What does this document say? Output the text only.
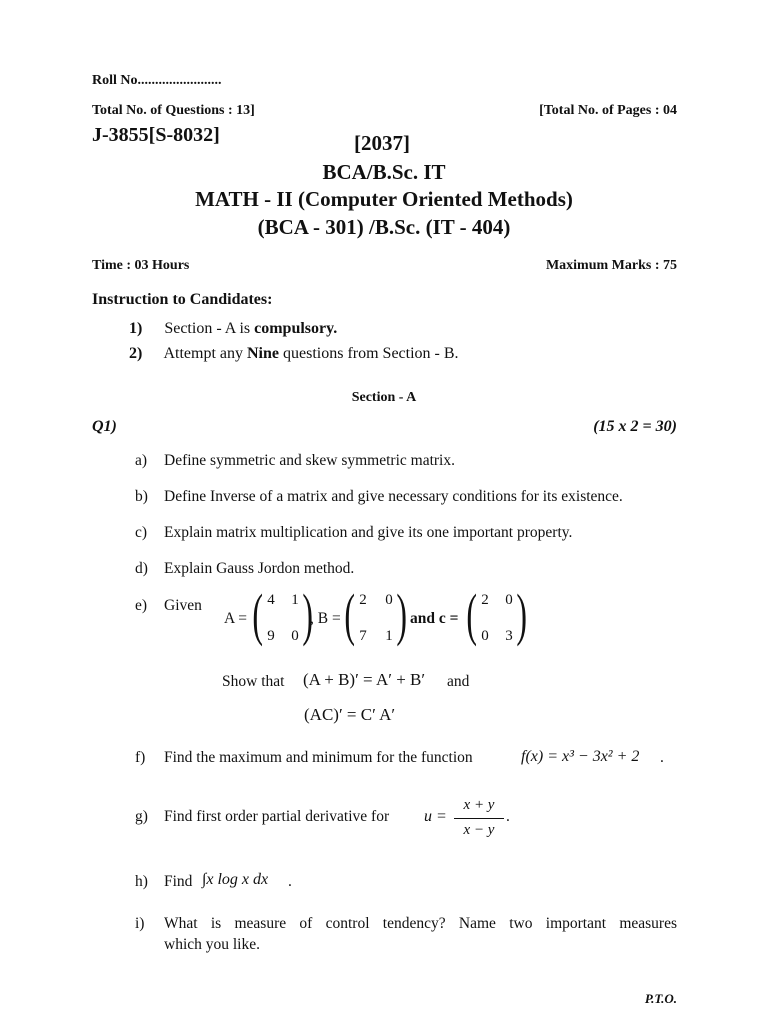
Roll No........................
Total No. of Questions : 13]	[Total No. of Pages : 04
J-3855[S-8032]	[2037]
BCA/B.Sc. IT
MATH - II (Computer Oriented Methods)
(BCA - 301) /B.Sc. (IT - 404)
Time : 03 Hours	Maximum Marks : 75
Instruction to Candidates:
1) Section - A is compulsory.
2) Attempt any Nine questions from Section - B.
Section - A
Q1)	(15 x 2 = 30)
a) Define symmetric and skew symmetric matrix.
b) Define Inverse of a matrix and give necessary conditions for its existence.
c) Explain matrix multiplication and give its one important property.
d) Explain Gauss Jordon method.
e) Given
A = ( 4 1
9 0 )
, B = ( 2 0
7 1 ) and c = ( 2 0
0 3 )
Show that (A + B)′ = A′ + B′ and
(AC)′ = C′ A′
f) Find the maximum and minimum for the function	f(x) = x³ − 3x² + 2 .
g) Find first order partial derivative for u =
x + y
x − y
.
h) Find ∫x log x dx .
i) What is measure of control tendency? Name two important measures
which you like.
P.T.O.
